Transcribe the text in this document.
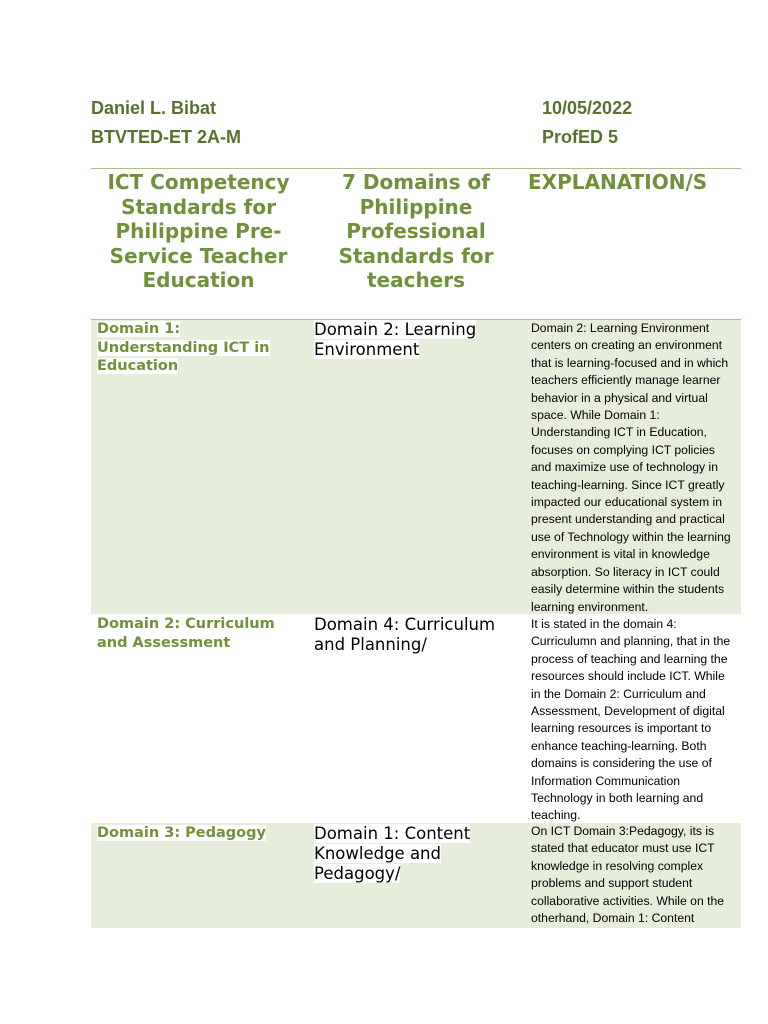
Daniel L. Bibat
BTVTED-ET 2A-M
10/05/2022
ProfED 5
ICT Competency Standards for Philippine Pre-Service Teacher Education
7 Domains of Philippine Professional Standards for teachers
EXPLANATION/S
Domain 1: Understanding ICT in Education
Domain 2: Learning Environment
Domain 2: Learning Environment centers on creating an environment that is learning-focused and in which teachers efficiently manage learner behavior in a physical and virtual space. While Domain 1: Understanding ICT in Education, focuses on complying ICT policies and maximize use of technology in teaching-learning. Since ICT greatly impacted our educational system in present understanding and practical use of Technology within the learning environment is vital in knowledge absorption. So literacy in ICT could easily determine within the students learning environment.
Domain 2: Curriculum and Assessment
Domain 4: Curriculum and Planning/
It is stated in the domain 4: Curriculumn and planning, that in the process of teaching and learning the resources should include ICT. While in the Domain 2: Curriculum and Assessment, Development of digital learning resources is important to enhance teaching-learning. Both domains is considering the use of Information Communication Technology in both learning and teaching.
Domain 3: Pedagogy	Domain 1: Content Knowledge and Pedagogy/
On ICT Domain 3:Pedagogy, its is stated that educator must use ICT knowledge in resolving complex problems and support student collaborative activities. While on the otherhand, Domain 1: Content
